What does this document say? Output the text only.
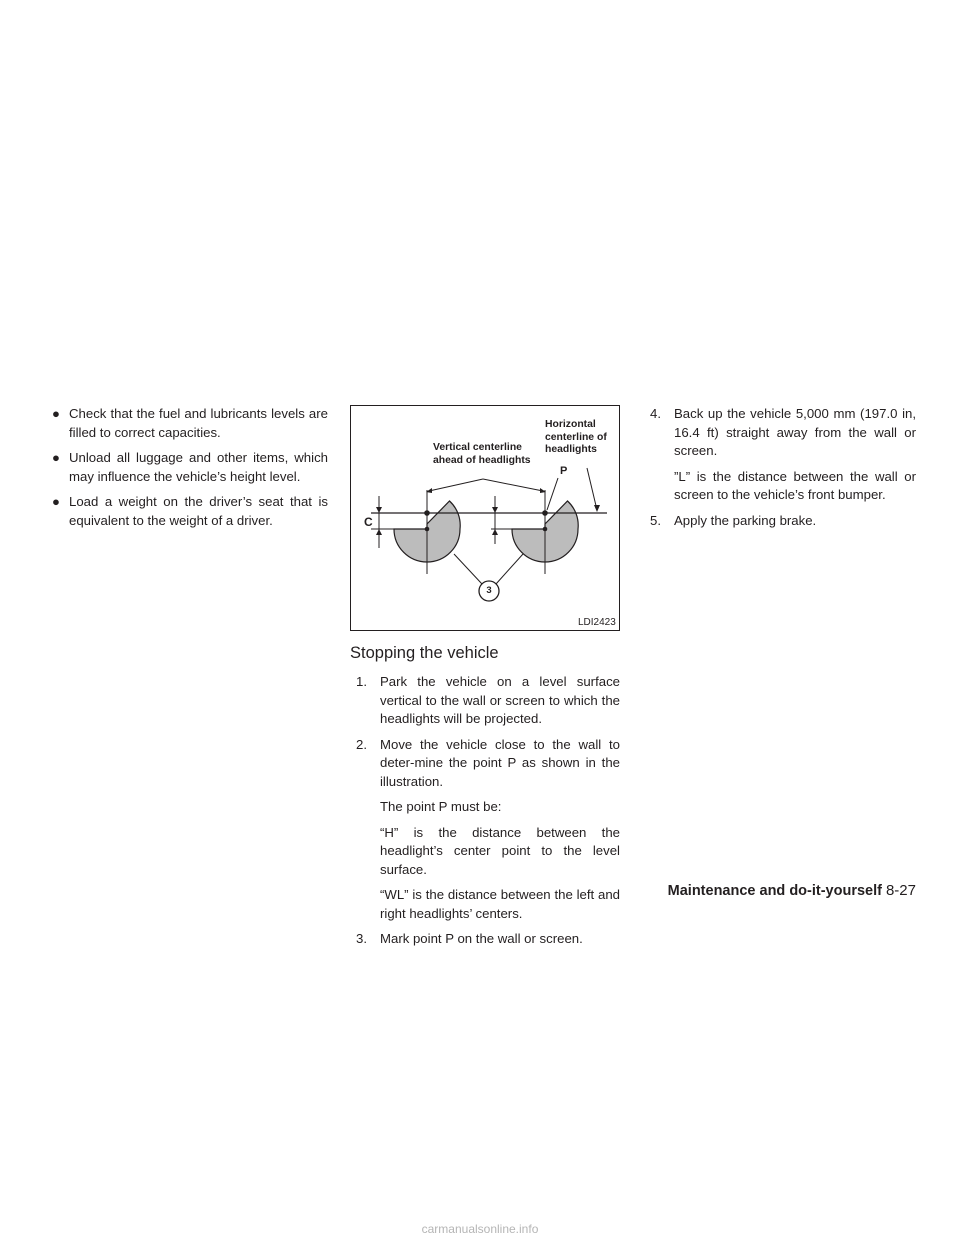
● Check that the fuel and lubricants levels are filled to correct capacities.
● Unload all luggage and other items, which may influence the vehicle’s height level.
● Load a weight on the driver’s seat that is equivalent to the weight of a driver.
Vertical centerline
ahead of headlights
Horizontal
centerline of
headlights
P
C
3
LDI2423
Stopping the vehicle
1. Park the vehicle on a level surface vertical to the wall or screen to which the headlights will be projected.
2. Move the vehicle close to the wall to deter-mine the point P as shown in the illustration.
The point P must be:
“H” is the distance between the headlight’s center point to the level surface.
“WL” is the distance between the left and right headlights’ centers.
3. Mark point P on the wall or screen.
4. Back up the vehicle 5,000 mm (197.0 in, 16.4 ft) straight away from the wall or screen.
”L” is the distance between the wall or screen to the vehicle’s front bumper.
5. Apply the parking brake.
Maintenance and do-it-yourself 8-27
carmanualsonline.info
